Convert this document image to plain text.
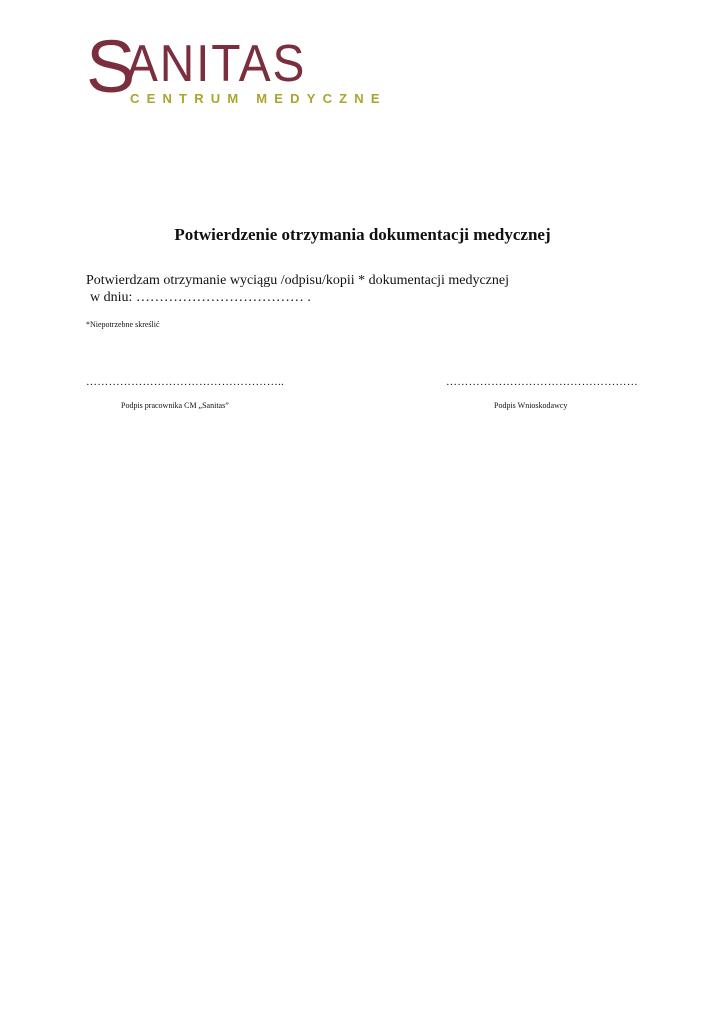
S
ANITAS
CENTRUM MEDYCZNE
Potwierdzenie otrzymania dokumentacji medycznej
Potwierdzam otrzymanie wyciągu /odpisu/kopii * dokumentacji medycznej
w dniu: ……………………………… .
*Niepotrzebne skreślić
……………………………………………..	……………………………………………
Podpis pracownika CM „Sanitas”	Podpis Wnioskodawcy
